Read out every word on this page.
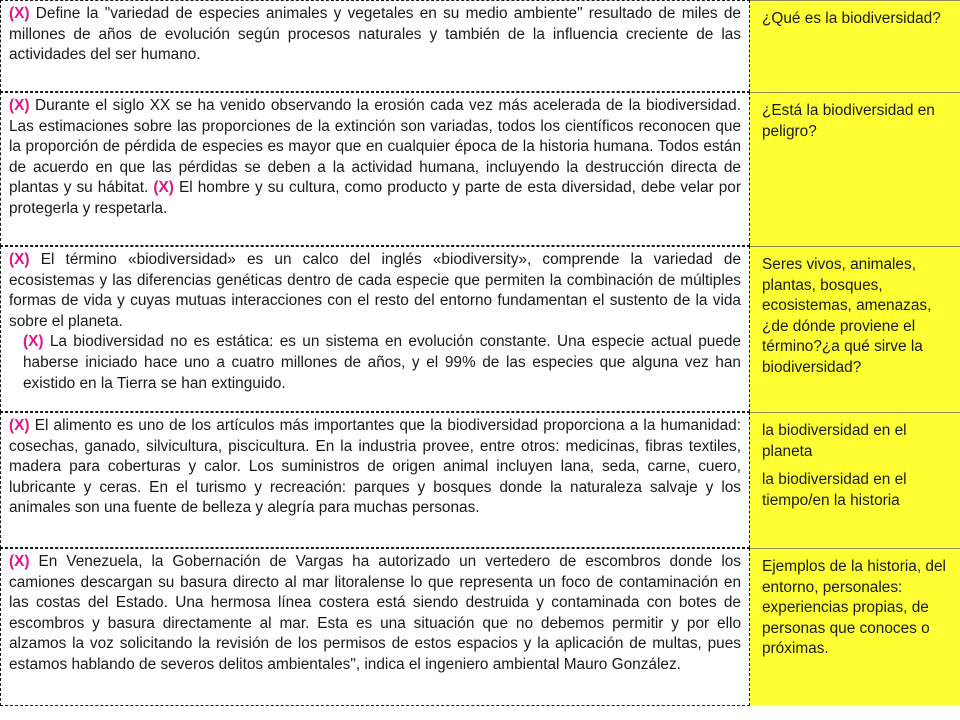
(X) Define la "variedad de especies animales y vegetales en su medio ambiente" resultado de miles de millones de años de evolución según procesos naturales y también de la influencia creciente de las actividades del ser humano.

¿Qué es la biodiversidad?

(X) Durante el siglo XX se ha venido observando la erosión cada vez más acelerada de la biodiversidad. Las estimaciones sobre las proporciones de la extinción son variadas, todos los científicos reconocen que la proporción de pérdida de especies es mayor que en cualquier época de la historia humana. Todos están de acuerdo en que las pérdidas se deben a la actividad humana, incluyendo la destrucción directa de plantas y su hábitat. (X) El hombre y su cultura, como producto y parte de esta diversidad, debe velar por protegerla y respetarla.

¿Está la biodiversidad en peligro?

(X) El término «biodiversidad» es un calco del inglés «biodiversity», comprende la variedad de ecosistemas y las diferencias genéticas dentro de cada especie que permiten la combinación de múltiples formas de vida y cuyas mutuas interacciones con el resto del entorno fundamentan el sustento de la vida sobre el planeta.

(X) La biodiversidad no es estática: es un sistema en evolución constante. Una especie actual puede haberse iniciado hace uno a cuatro millones de años, y el 99% de las especies que alguna vez han existido en la Tierra se han extinguido.

Seres vivos, animales, plantas, bosques, ecosistemas, amenazas, ¿de dónde proviene el término?¿a qué sirve la biodiversidad?

(X) El alimento es uno de los artículos más importantes que la biodiversidad proporciona a la humanidad: cosechas, ganado, silvicultura, piscicultura. En la industria provee, entre otros: medicinas, fibras textiles, madera para coberturas y calor. Los suministros de origen animal incluyen lana, seda, carne, cuero, lubricante y ceras. En el turismo y recreación: parques y bosques donde la naturaleza salvaje y los animales son una fuente de belleza y alegría para muchas personas.

la biodiversidad en el planeta

la biodiversidad en el tiempo/en la historia

(X) En Venezuela, la Gobernación de Vargas ha autorizado un vertedero de escombros donde los camiones descargan su basura directo al mar litoralense lo que representa un foco de contaminación en las costas del Estado. Una hermosa línea costera está siendo destruida y contaminada con botes de escombros y basura directamente al mar. Esta es una situación que no debemos permitir y por ello alzamos la voz solicitando la revisión de los permisos de estos espacios y la aplicación de multas, pues estamos hablando de severos delitos ambientales", indica el ingeniero ambiental Mauro González.

Ejemplos de la historia, del entorno, personales: experiencias propias, de personas que conoces o próximas.
